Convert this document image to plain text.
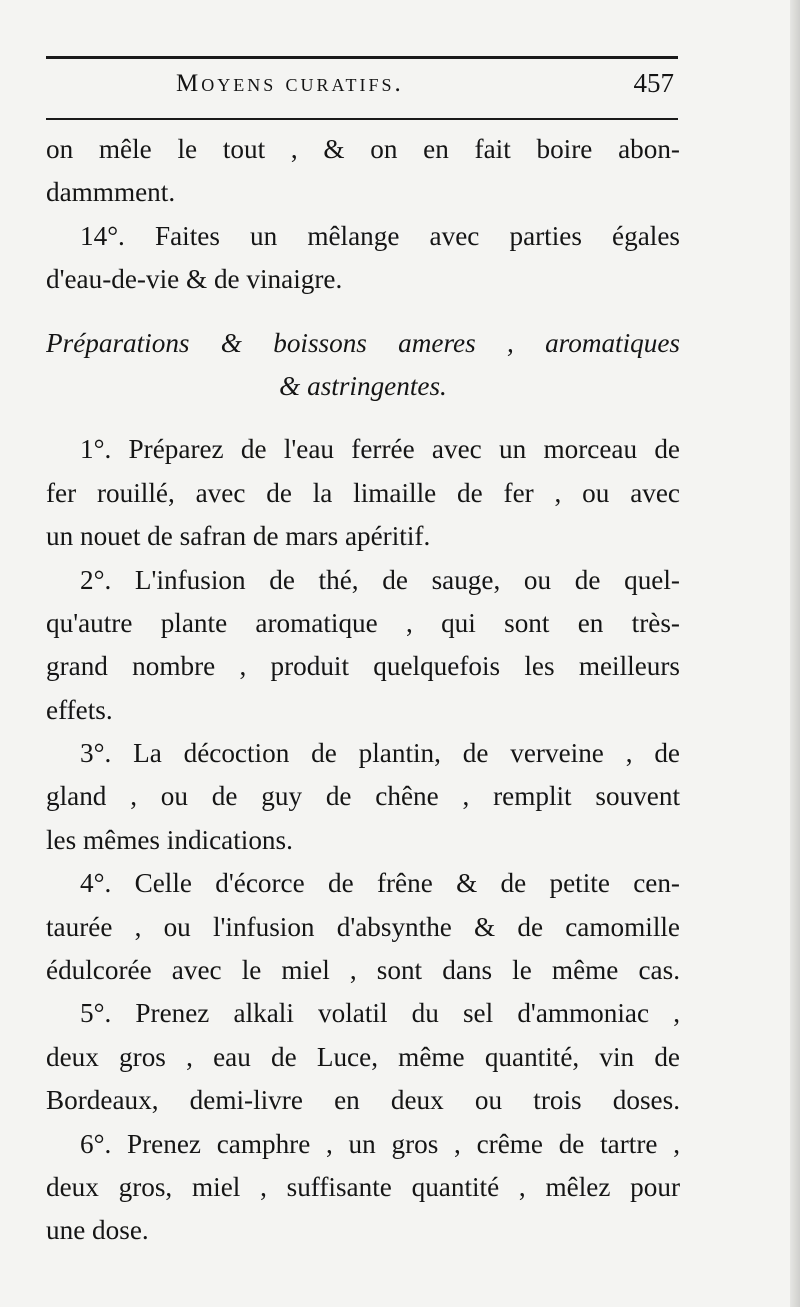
Moyens curatifs.	457
on mêle le tout , & on en fait boire abon-
dammment.
14°. Faites un mêlange avec parties égales
d'eau-de-vie & de vinaigre.
Préparations & boissons ameres , aromatiques
& astringentes.
1°. Préparez de l'eau ferrée avec un morceau de
fer rouillé, avec de la limaille de fer , ou avec
un nouet de safran de mars apéritif.
2°. L'infusion de thé, de sauge, ou de quel-
qu'autre plante aromatique , qui sont en très-
grand nombre , produit quelquefois les meilleurs
effets.
3°. La décoction de plantin, de verveine , de
gland , ou de guy de chêne , remplit souvent
les mêmes indications.
4°. Celle d'écorce de frêne & de petite cen-
taurée , ou l'infusion d'absynthe & de camomille
édulcorée avec le miel , sont dans le même cas.
5°. Prenez alkali volatil du sel d'ammoniac ,
deux gros , eau de Luce, même quantité, vin de
Bordeaux, demi-livre en deux ou trois doses.
6°. Prenez camphre , un gros , crême de tartre ,
deux gros, miel , suffisante quantité , mêlez pour
une dose.
